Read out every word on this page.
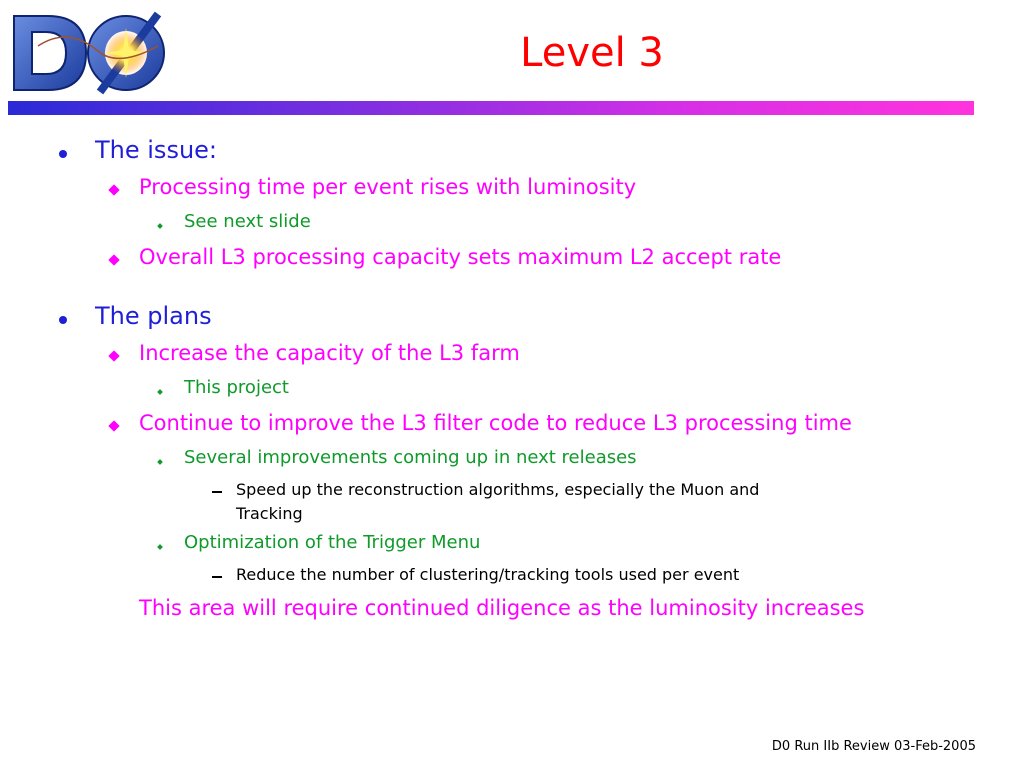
Level 3
The issue:
Processing time per event rises with luminosity
See next slide
Overall L3 processing capacity sets maximum L2 accept rate
The plans
Increase the capacity of the L3 farm
This project
Continue to improve the L3 filter code to reduce L3 processing time
Several improvements coming up in next releases
Speed up the reconstruction algorithms, especially the Muon and
Tracking
Optimization of the Trigger Menu
Reduce the number of clustering/tracking tools used per event
This area will require continued diligence as the luminosity increases
D0 Run IIb Review 03-Feb-2005
